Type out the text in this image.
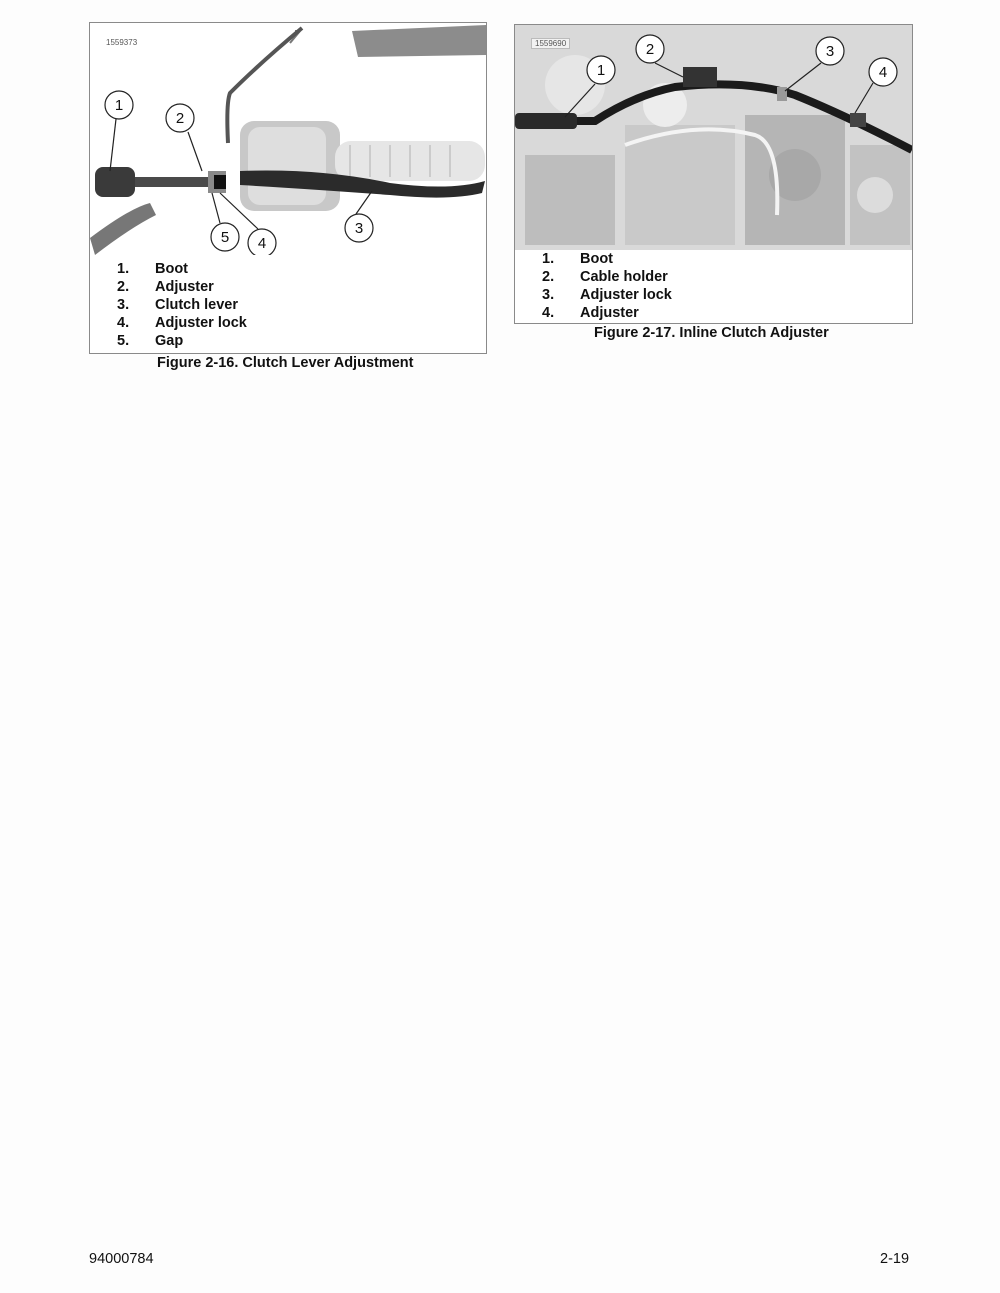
1
2
3
4
5
1559373
1.	Boot
2.	Adjuster
3.	Clutch lever
4.	Adjuster lock
5.	Gap
Figure 2-16. Clutch Lever Adjustment
1
2	3
4
1559690
1.	Boot
2.	Cable holder
3.	Adjuster lock
4.	Adjuster
Figure 2-17. Inline Clutch Adjuster
94000784	2-19
